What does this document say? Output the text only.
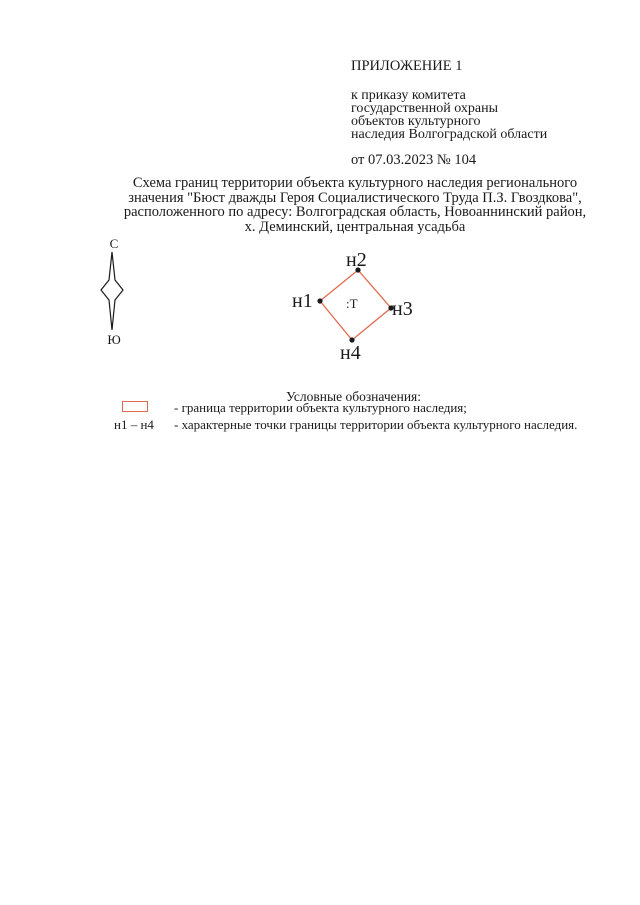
ПРИЛОЖЕНИЕ 1
к приказу комитета
государственной охраны
объектов культурного
наследия Волгоградской области
от 07.03.2023 № 104
Схема границ территории объекта культурного наследия регионального
значения "Бюст дважды Героя Социалистического Труда П.З. Гвоздкова",
расположенного по адресу: Волгоградская область, Новоаннинский район,
х. Деминский, центральная усадьба
С
Ю
н1
н2
н3
н4
:Т
Условные обозначения:
- граница территории объекта культурного наследия;
н1 – н4 - характерные точки границы территории объекта культурного наследия.
